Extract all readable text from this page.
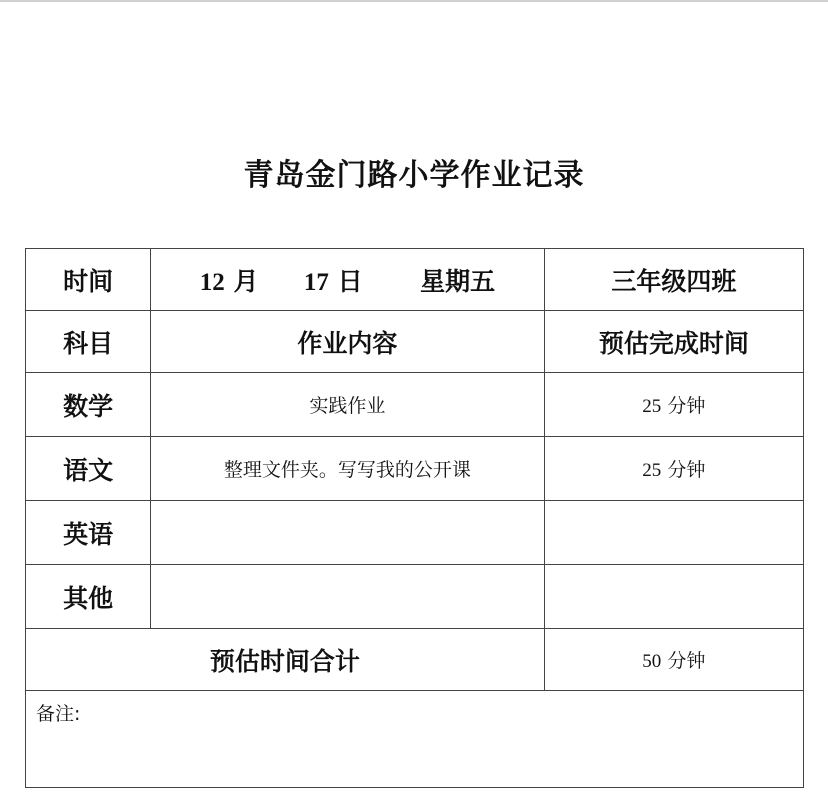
青岛金门路小学作业记录
时间	12 月 17 日 星期五	三年级四班
科目	作业内容	预估完成时间
数学	实践作业	25 分钟
语文	整理文件夹。写写我的公开课	25 分钟
英语		
其他		
预估时间合计		50 分钟
备注:		
